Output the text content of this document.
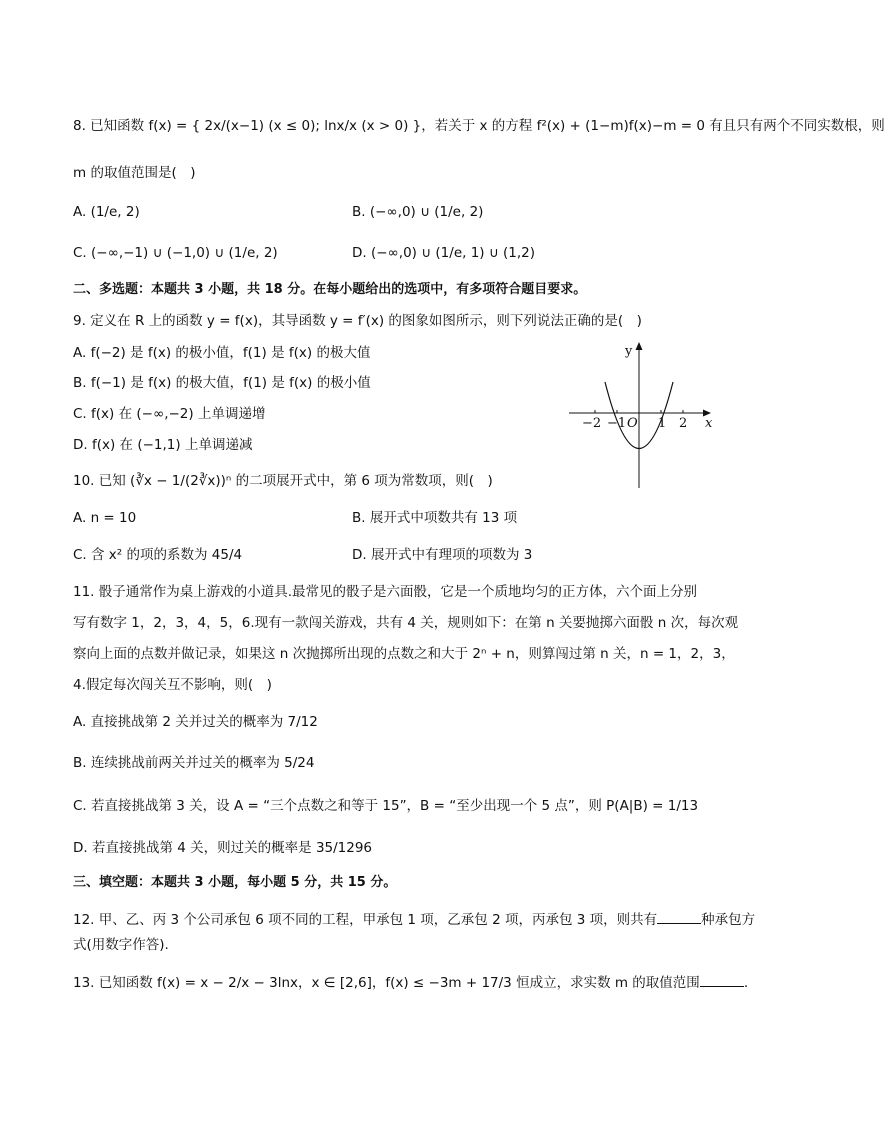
8. 已知函数 f(x) = { 2x/(x−1) (x ≤ 0); lnx/x (x > 0) }，若关于 x 的方程 f²(x) + (1−m)f(x)−m = 0 有且只有两个不同实数根，则
m 的取值范围是(　)
A. (1/e, 2)	B. (−∞,0) ∪ (1/e, 2)
C. (−∞,−1) ∪ (−1,0) ∪ (1/e, 2)	D. (−∞,0) ∪ (1/e, 1) ∪ (1,2)
二、多选题：本题共 3 小题，共 18 分。在每小题给出的选项中，有多项符合题目要求。
9. 定义在 R 上的函数 y = f(x)，其导函数 y = f′(x) 的图象如图所示，则下列说法正确的是(　)
A. f(−2) 是 f(x) 的极小值，f(1) 是 f(x) 的极大值
B. f(−1) 是 f(x) 的极大值，f(1) 是 f(x) 的极小值
C. f(x) 在 (−∞,−2) 上单调递增
D. f(x) 在 (−1,1) 上单调递减
y
x
O
−2 −1 1 2
10. 已知 (∛x − 1/(2∛x))ⁿ 的二项展开式中，第 6 项为常数项，则(　)
A. n = 10	B. 展开式中项数共有 13 项
C. 含 x² 的项的系数为 45/4	D. 展开式中有理项的项数为 3
11. 骰子通常作为桌上游戏的小道具.最常见的骰子是六面骰，它是一个质地均匀的正方体，六个面上分别
写有数字 1，2，3，4，5，6.现有一款闯关游戏，共有 4 关，规则如下：在第 n 关要抛掷六面骰 n 次，每次观
察向上面的点数并做记录，如果这 n 次抛掷所出现的点数之和大于 2ⁿ + n，则算闯过第 n 关，n = 1，2，3，
4.假定每次闯关互不影响，则(　)
A. 直接挑战第 2 关并过关的概率为 7/12
B. 连续挑战前两关并过关的概率为 5/24
C. 若直接挑战第 3 关，设 A = “三个点数之和等于 15”，B = “至少出现一个 5 点”，则 P(A|B) = 1/13
D. 若直接挑战第 4 关，则过关的概率是 35/1296
三、填空题：本题共 3 小题，每小题 5 分，共 15 分。
12. 甲、乙、丙 3 个公司承包 6 项不同的工程，甲承包 1 项，乙承包 2 项，丙承包 3 项，则共有	种承包方
式(用数字作答).
13. 已知函数 f(x) = x − 2/x − 3lnx，x ∈ [2,6]，f(x) ≤ −3m + 17/3 恒成立，求实数 m 的取值范围	.
